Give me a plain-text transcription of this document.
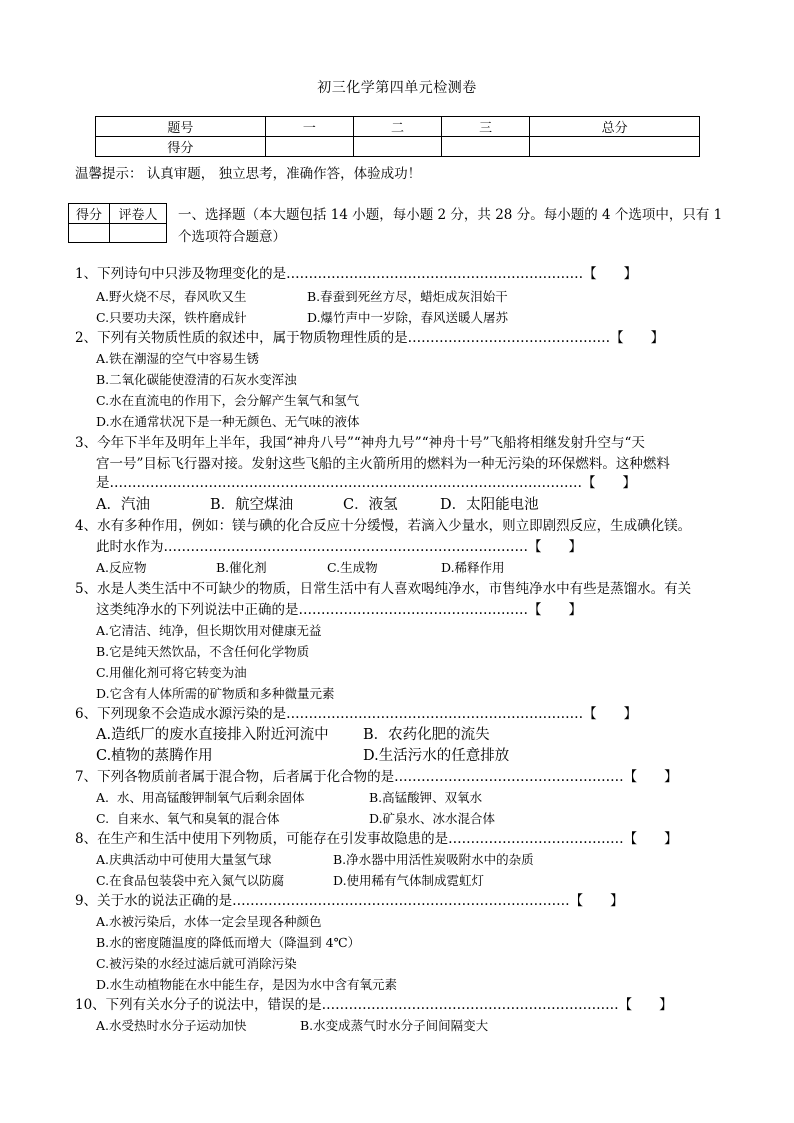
初三化学第四单元检测卷
题号	一	二	三	总分
得分				
温馨提示： 认真审题， 独立思考，准确作答，体验成功！
得分	评卷人
	一、选择题（本大题包括 14 小题，每小题 2 分，共 28 分。每小题的 4 个选项中，只有 1
个选项符合题意）
1、下列诗句中只涉及物理变化的是…………………………………………………………【　　】
A.野火烧不尽，春风吹又生	B.春蚕到死丝方尽，蜡炬成灰泪始干
C.只要功夫深，铁杵磨成针	D.爆竹声中一岁除，春风送暖人屠苏
2、下列有关物质性质的叙述中，属于物质物理性质的是………………………………………【　　】
A.铁在潮湿的空气中容易生锈
B.二氧化碳能使澄清的石灰水变浑浊
C.水在直流电的作用下，会分解产生氧气和氢气
D.水在通常状况下是一种无颜色、无气味的液体
3、今年下半年及明年上半年，我国“神舟八号”“神舟九号”“神舟十号”飞船将相继发射升空与“天
宫一号”目标飞行器对接。发射这些飞船的主火箭所用的燃料为一种无污染的环保燃料。这种燃料
是……………………………………………………………………………………………【　　】
A．汽油	B．航空煤油	C．液氢	D．太阳能电池
4、水有多种作用，例如：镁与碘的化合反应十分缓慢，若滴入少量水，则立即剧烈反应，生成碘化镁。
此时水作为………………………………………………………………………【　　】
A.反应物	B.催化剂	C.生成物	D.稀释作用
5、水是人类生活中不可缺少的物质，日常生活中有人喜欢喝纯净水，市售纯净水中有些是蒸馏水。有关
这类纯净水的下列说法中正确的是……………………………………………【　　】
A.它清洁、纯净，但长期饮用对健康无益
B.它是纯天然饮品，不含任何化学物质
C.用催化剂可将它转变为油
D.它含有人体所需的矿物质和多种微量元素
6、下列现象不会造成水源污染的是…………………………………………………………【　　】
A.造纸厂的废水直接排入附近河流中 B．农药化肥的流失
C.植物的蒸腾作用	D.生活污水的任意排放
7、下列各物质前者属于混合物，后者属于化合物的是……………………………………………【　　】
A.  水、用高锰酸钾制氧气后剩余固体	B.高锰酸钾、双氧水
C.  自来水、氧气和臭氧的混合体	D.矿泉水、冰水混合体
8、在生产和生活中使用下列物质，可能存在引发事故隐患的是…………………………………【　　】
A.庆典活动中可使用大量氢气球	B.净水器中用活性炭吸附水中的杂质
C.在食品包装袋中充入氮气以防腐	D.使用稀有气体制成霓虹灯
9、关于水的说法正确的是…………………………………………………………………【　　】
A.水被污染后，水体一定会呈现各种颜色
B.水的密度随温度的降低而增大（降温到 4℃）
C.被污染的水经过滤后就可消除污染
D.水生动植物能在水中能生存，是因为水中含有氧元素
10、下列有关水分子的说法中，错误的是…………………………………………………………【　　】
A.水受热时水分子运动加快	B.水变成蒸气时水分子间间隔变大
